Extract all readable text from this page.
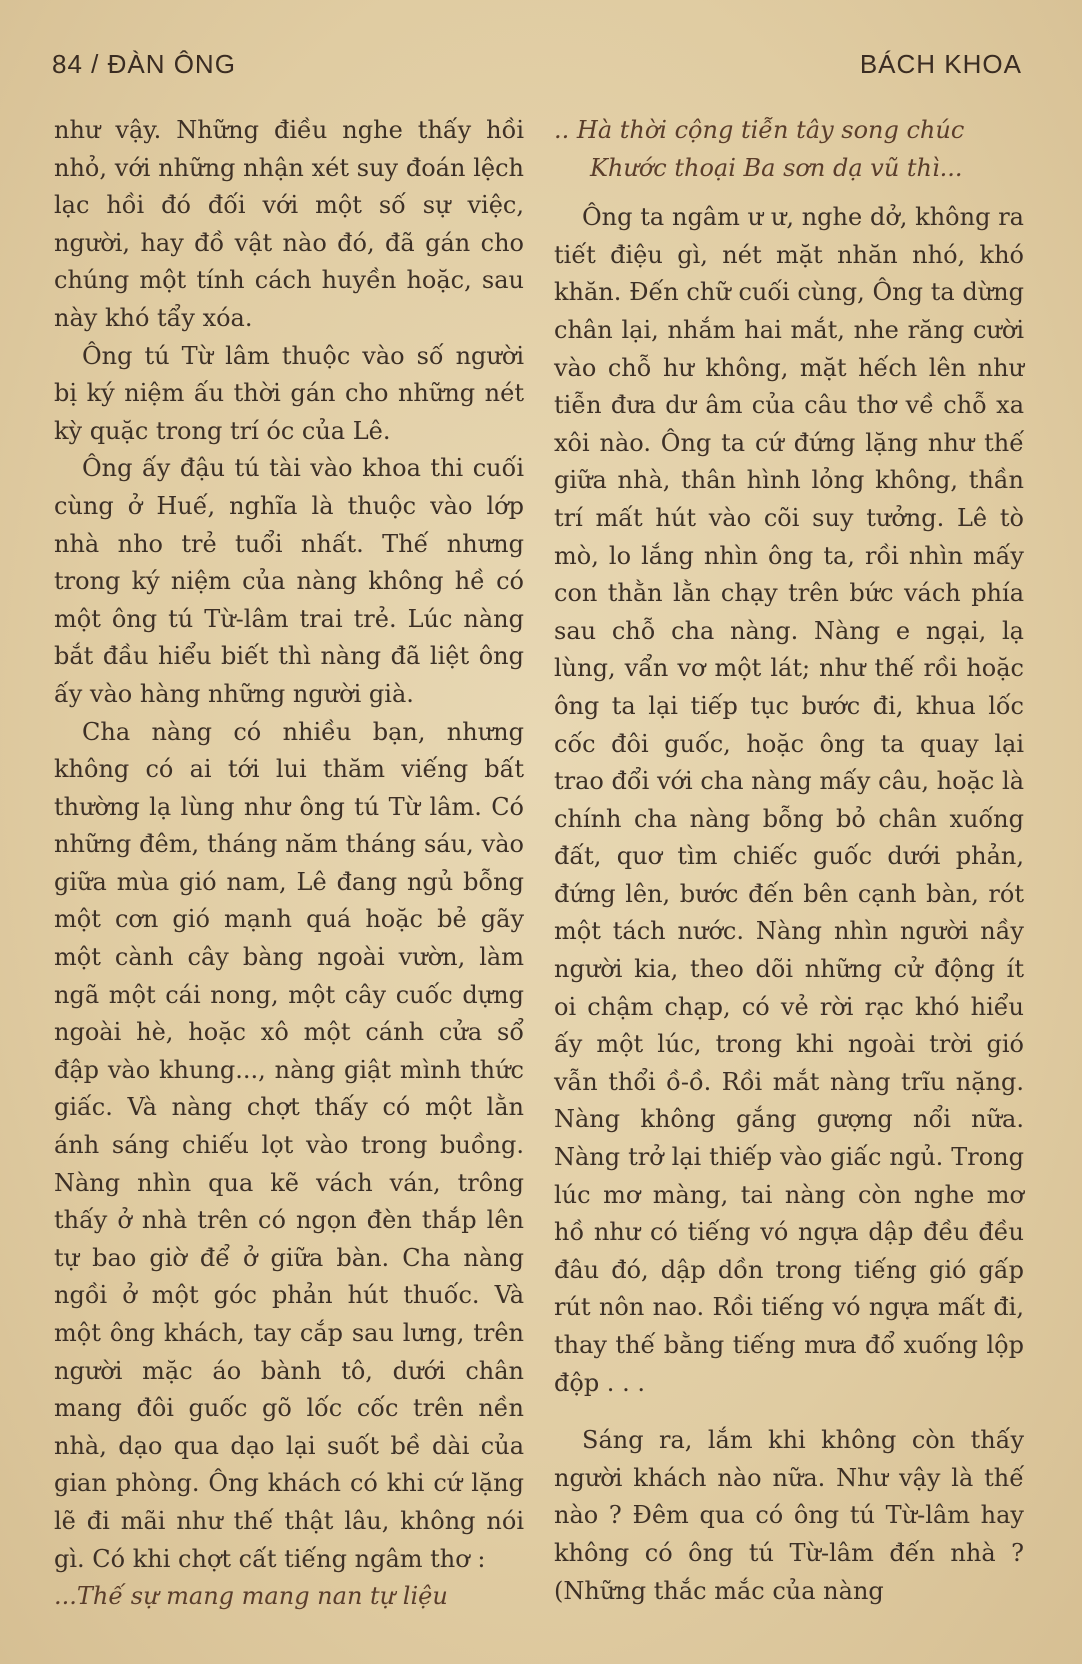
84 / ĐÀN ÔNG	BÁCH KHOA

như vậy. Những điều nghe thấy hồi nhỏ, với những nhận xét suy đoán lệch lạc hồi đó đối với một số sự việc, người, hay đồ vật nào đó, đã gán cho chúng một tính cách huyền hoặc, sau này khó tẩy xóa.

Ông tú Từ lâm thuộc vào số người bị ký niệm ấu thời gán cho những nét kỳ quặc trong trí óc của Lê.

Ông ấy đậu tú tài vào khoa thi cuối cùng ở Huế, nghĩa là thuộc vào lớp nhà nho trẻ tuổi nhất. Thế nhưng trong ký niệm của nàng không hề có một ông tú Từ-lâm trai trẻ. Lúc nàng bắt đầu hiểu biết thì nàng đã liệt ông ấy vào hàng những người già.

Cha nàng có nhiều bạn, nhưng không có ai tới lui thăm viếng bất thường lạ lùng như ông tú Từ lâm. Có những đêm, tháng năm tháng sáu, vào giữa mùa gió nam, Lê đang ngủ bỗng một cơn gió mạnh quá hoặc bẻ gãy một cành cây bàng ngoài vườn, làm ngã một cái nong, một cây cuốc dựng ngoài hè, hoặc xô một cánh cửa sổ đập vào khung..., nàng giật mình thức giấc. Và nàng chợt thấy có một lằn ánh sáng chiếu lọt vào trong buồng. Nàng nhìn qua kẽ vách ván, trông thấy ở nhà trên có ngọn đèn thắp lên tự bao giờ để ở giữa bàn. Cha nàng ngồi ở một góc phản hút thuốc. Và một ông khách, tay cắp sau lưng, trên người mặc áo bành tô, dưới chân mang đôi guốc gõ lốc cốc trên nền nhà, dạo qua dạo lại suốt bề dài của gian phòng. Ông khách có khi cứ lặng lẽ đi mãi như thế thật lâu, không nói gì. Có khi chợt cất tiếng ngâm thơ :

...Thế sự mang mang nan tự liệu

.. Hà thời cộng tiễn tây song chúc

Khước thoại Ba sơn dạ vũ thì...

Ông ta ngâm ư ư, nghe dở, không ra tiết điệu gì, nét mặt nhăn nhó, khó khăn. Đến chữ cuối cùng, Ông ta dừng chân lại, nhắm hai mắt, nhe răng cười vào chỗ hư không, mặt hếch lên như tiễn đưa dư âm của câu thơ về chỗ xa xôi nào. Ông ta cứ đứng lặng như thế giữa nhà, thân hình lỏng không, thần trí mất hút vào cõi suy tưởng. Lê tò mò, lo lắng nhìn ông ta, rồi nhìn mấy con thằn lằn chạy trên bức vách phía sau chỗ cha nàng. Nàng e ngại, lạ lùng, vẩn vơ một lát; như thế rồi hoặc ông ta lại tiếp tục bước đi, khua lốc cốc đôi guốc, hoặc ông ta quay lại trao đổi với cha nàng mấy câu, hoặc là chính cha nàng bỗng bỏ chân xuống đất, quơ tìm chiếc guốc dưới phản, đứng lên, bước đến bên cạnh bàn, rót một tách nước. Nàng nhìn người nầy người kia, theo dõi những cử động ít oi chậm chạp, có vẻ rời rạc khó hiểu ấy một lúc, trong khi ngoài trời gió vẫn thổi ồ-ồ. Rồi mắt nàng trĩu nặng. Nàng không gắng gượng nổi nữa. Nàng trở lại thiếp vào giấc ngủ. Trong lúc mơ màng, tai nàng còn nghe mơ hồ như có tiếng vó ngựa dập đều đều đâu đó, dập dồn trong tiếng gió gấp rút nôn nao. Rồi tiếng vó ngựa mất đi, thay thế bằng tiếng mưa đổ xuống lộp độp . . .

Sáng ra, lắm khi không còn thấy người khách nào nữa. Như vậy là thế nào ? Đêm qua có ông tú Từ-lâm hay không có ông tú Từ-lâm đến nhà ? (Những thắc mắc của nàng
